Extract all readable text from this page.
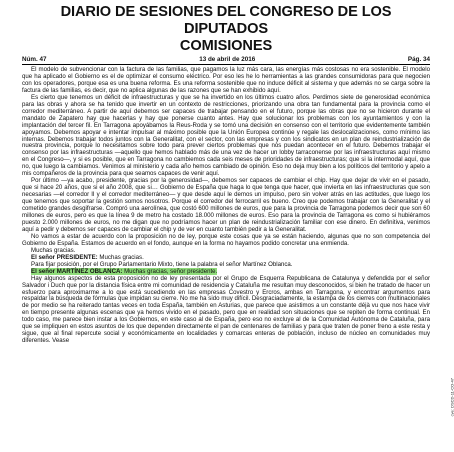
DIARIO DE SESIONES DEL CONGRESO DE LOS DIPUTADOS
COMISIONES
Núm. 47	13 de abril de 2016	Pág. 34

El modelo de subvencionar con la factura de las familias, que pagamos la luz más cara, las energías más costosas no era sostenible. El modelo que ha aplicado el Gobierno es el de optimizar el consumo eléctrico. Por eso les he lo herramientas a las grandes consumidoras para que negocien con los operadores, porque esa es una buena reforma. Es una reforma sostenible que no induce déficit al sistema y que además no se carga sobre la factura de las familias, es decir, que no aplica algunas de las razones que se han exhibido aquí.

Es cierto que tenemos un déficit de infraestructuras y que se ha invertido en los últimos cuatro años. Perdimos siete de generosidad económica para las obras y ahora se ha tenido que invertir en un contexto de restricciones, priorizando una obra tan fundamental para la provincia como el corredor mediterráneo. A partir de aquí debemos ser capaces de trabajar pensando en el futuro, porque las obras que no se hicieron durante el mandato de Zapatero hay que hacerlas y hay que ponerse cuanto antes. Hay que solucionar los problemas con los ayuntamientos y con la implantación del tercer fil. En Tarragona apoyábamos la Reus-Roda y se tomó una decisión en consenso con el territorio que evidentemente también apoyamos. Debemos apoyar e intentar impulsar al máximo posible que la Unión Europea continúe y regale las deslocalizaciones, como mínimo las internas. Debemos trabajar todos juntos con la Generalitat, con el sector, con las empresas y con los sindicatos en un plan de reindustrialización de nuestra provincia, porque lo necesitamos sobre todo para prever ciertos problemas que nos puedan acontecer en el futuro. Debemos trabajar el consenso por las infraestructuras —aquello que hemos hablado más de una vez de hacer un lobby tarraconense por las infraestructuras aquí mismo en el Congreso—, y si es posible, que en Tarragona no cambiemos cada seis meses de prioridades de infraestructuras; que si la intermodal aquí, que no, que luego la cambiamos. Venimos al ministerio y cada año hemos cambiado de opinión. Eso no deja muy bien a los políticos del territorio y apelo a mis compañeros de la provincia para que seamos capaces de venir aquí.

Por último —ya acabo, presidente, gracias por la generosidad—, debemos ser capaces de cambiar el chip. Hay que dejar de vivir en el pasado, que si hace 20 años, que si el año 2008, que si… Gobierno de España que haga lo que tenga que hacer, que invierta en las infraestructuras que son necesarias —el corredor II y el corredor mediterráneo— y que desde aquí le demos un impulso, pero sin volver atrás en las actitudes, que luego los que tenemos que soportar la gestión somos nosotros. Porque el corredor del ferrocarril es bueno. Creo que podemos trabajar con la Generalitat y el cometido grandes desgifrarse. Compró una aerolínea, que costó 600 millones de euros, que para la provincia de Tarragona podemos decir que son 60 millones de euros, pero es que la línea 9 de metro ha costado 18.000 millones de euros. Eso para la provincia de Tarragona es como si hubiéramos puesto 2.000 millones de euros, no me digan que no podríamos hacer un plan de reindustrialización familiar con ese dinero. En definitiva, venimos aquí a pedir y debemos ser capaces de cambiar el chip y de ver en cuanto también pedir a la Generalitat.

No vamos a estar de acuerdo con la proposición no de ley, porque este cosas que ya se están haciendo, algunas que no son competencia del Gobierno de España. Estamos de acuerdo en el fondo, aunque en la forma no hayamos podido concretar una enmienda.

Muchas gracias.

El señor PRESIDENTE: Muchas gracias.

Para fijar posición, por el Grupo Parlamentario Mixto, tiene la palabra el señor Martínez Oblanca.

El señor MARTÍNEZ OBLANCA: Muchas gracias, señor presidente.

Hay algunos aspectos de esta proposición no de ley presentada por el Grupo de Esquerra Republicana de Catalunya y defendida por el señor Salvador i Duch que por la distancia física entre mi comunidad de residencia y Cataluña me resultan muy desconocidos, si bien he tratado de hacer un esfuerzo para aproximarme a lo que está sucediendo en las empresas Covestro y Ercros, ambas en Tarragona, y encontrar argumentos para respaldar la búsqueda de fórmulas que impidan su cierre. No me ha sido muy difícil. Desgraciadamente, la estampa de los cierres con multinacionales de por medio se ha reiterado tantas veces en toda España, también en Asturias, que parece que asistimos a un constante déjà vu que nos hace vivir en tiempo presente algunas escenas que ya hemos vivido en el pasado, pero que en realidad son situaciones que se repiten de forma continual. En todo caso, me parece bien instar a los Gobiernos, en este caso al de España, pero eso no excluye al de la Comunidad Autónoma de Cataluña, para que se impliquen en estos asuntos de los que dependen directamente el pan de centenares de familias y para que traten de poner freno a este resta y sigue, que al final repercute social y económicamente en localidades y comarcas enteras de población, incluso de núcleo en comunidades muy diferentes. Vease

cve: DSCD-11-CO-47
